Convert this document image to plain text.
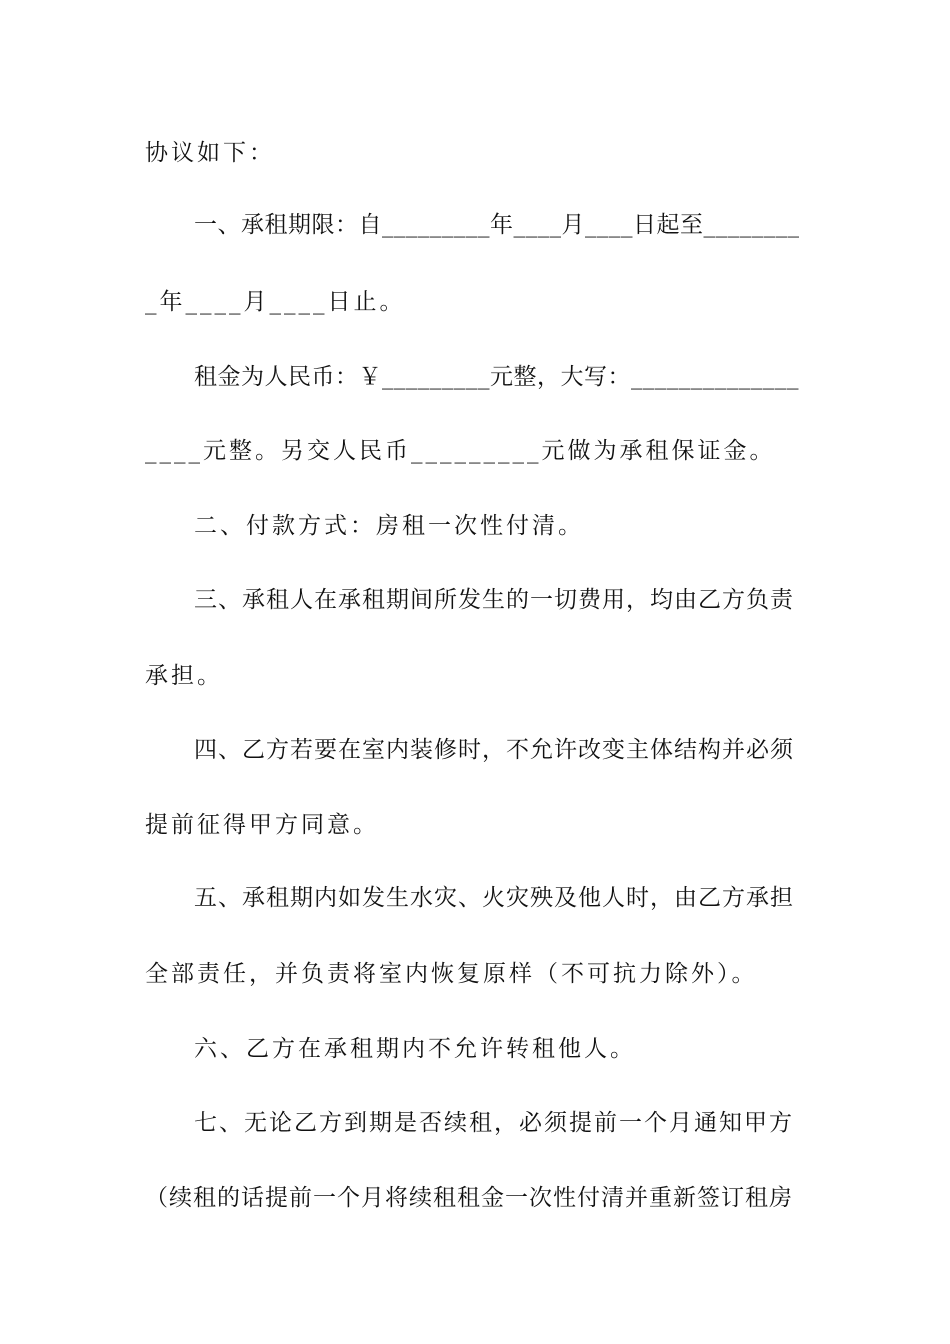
协议如下：
一、承租期限：自_________年____月____日起至________
_年____月____日止。
租金为人民币：￥_________元整，大写：______________
____元整。另交人民币_________元做为承租保证金。
二、付款方式：房租一次性付清。
三、承租人在承租期间所发生的一切费用，均由乙方负责
承担。
四、乙方若要在室内装修时，不允许改变主体结构并必须
提前征得甲方同意。
五、承租期内如发生水灾、火灾殃及他人时，由乙方承担
全部责任，并负责将室内恢复原样（不可抗力除外）。
六、乙方在承租期内不允许转租他人。
七、无论乙方到期是否续租，必须提前一个月通知甲方
（续租的话提前一个月将续租租金一次性付清并重新签订租房
